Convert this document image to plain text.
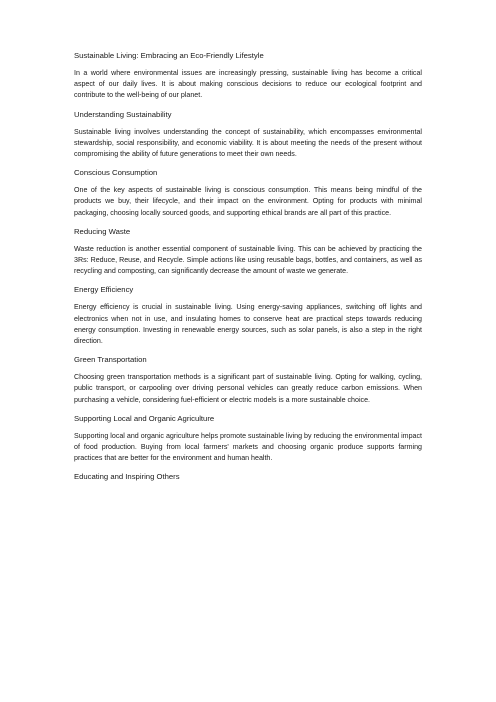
Sustainable Living: Embracing an Eco-Friendly Lifestyle

In a world where environmental issues are increasingly pressing, sustainable living has become a critical aspect of our daily lives. It is about making conscious decisions to reduce our ecological footprint and contribute to the well-being of our planet.

Understanding Sustainability

Sustainable living involves understanding the concept of sustainability, which encompasses environmental stewardship, social responsibility, and economic viability. It is about meeting the needs of the present without compromising the ability of future generations to meet their own needs.

Conscious Consumption

One of the key aspects of sustainable living is conscious consumption. This means being mindful of the products we buy, their lifecycle, and their impact on the environment. Opting for products with minimal packaging, choosing locally sourced goods, and supporting ethical brands are all part of this practice.

Reducing Waste

Waste reduction is another essential component of sustainable living. This can be achieved by practicing the 3Rs: Reduce, Reuse, and Recycle. Simple actions like using reusable bags, bottles, and containers, as well as recycling and composting, can significantly decrease the amount of waste we generate.

Energy Efficiency

Energy efficiency is crucial in sustainable living. Using energy-saving appliances, switching off lights and electronics when not in use, and insulating homes to conserve heat are practical steps towards reducing energy consumption. Investing in renewable energy sources, such as solar panels, is also a step in the right direction.

Green Transportation

Choosing green transportation methods is a significant part of sustainable living. Opting for walking, cycling, public transport, or carpooling over driving personal vehicles can greatly reduce carbon emissions. When purchasing a vehicle, considering fuel-efficient or electric models is a more sustainable choice.

Supporting Local and Organic Agriculture

Supporting local and organic agriculture helps promote sustainable living by reducing the environmental impact of food production. Buying from local farmers' markets and choosing organic produce supports farming practices that are better for the environment and human health.

Educating and Inspiring Others
